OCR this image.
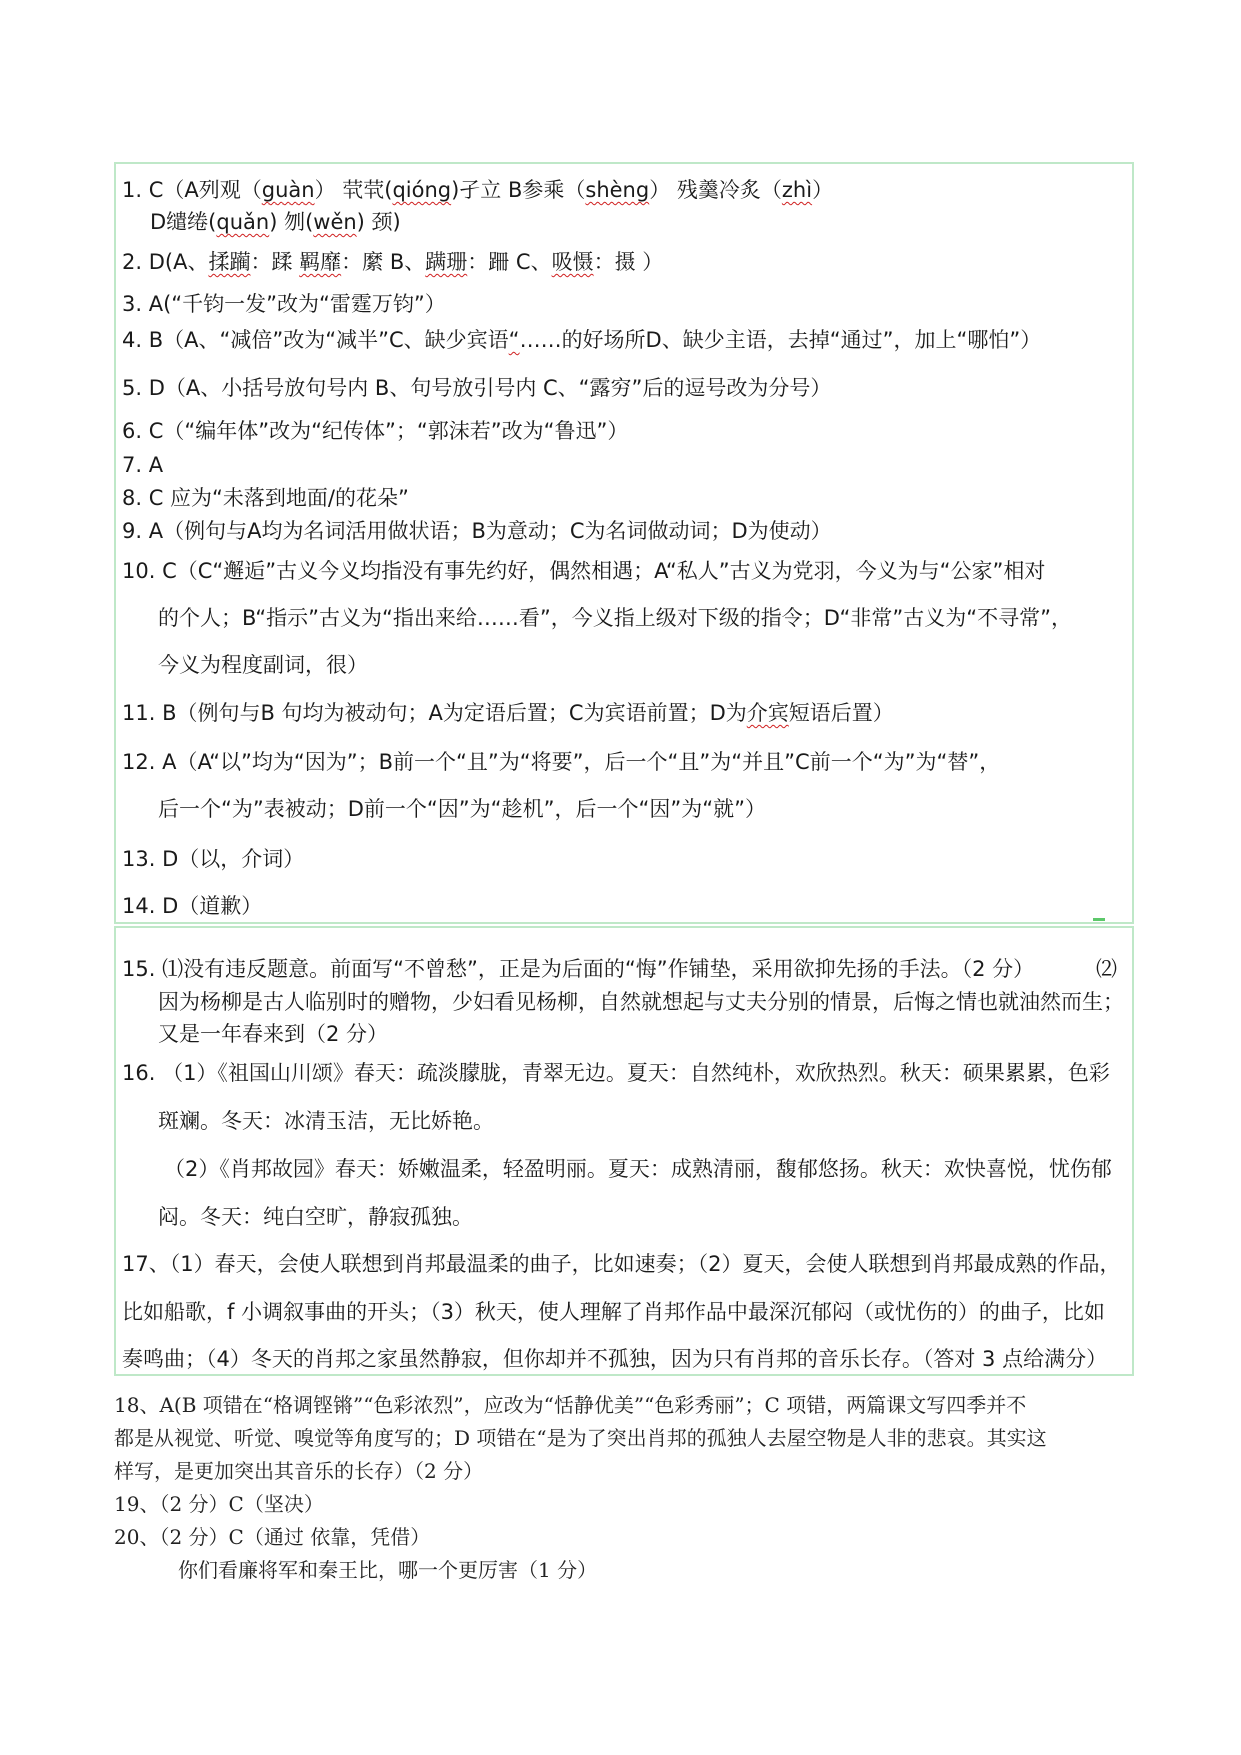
1. C（A列观（guàn） 茕茕(qióng)孑立 B参乘（shèng） 残羹冷炙（zhì）
D缱绻(quǎn) 刎(wěn) 颈)
2. D(A、揉躏：蹂 羁靡：縻 B、蹒珊：跚 C、吸慑：摄 ）
3. A(“千钧一发”改为“雷霆万钧”）
4. B（A、“减倍”改为“减半”C、缺少宾语“……的好场所D、缺少主语，去掉“通过”，加上“哪怕”）
5. D（A、小括号放句号内 B、句号放引号内 C、“露穷”后的逗号改为分号）
6. C（“编年体”改为“纪传体”；“郭沫若”改为“鲁迅”）
7. A
8. C 应为“未落到地面/的花朵”
9. A（例句与A均为名词活用做状语；B为意动；C为名词做动词；D为使动）
10. C（C“邂逅”古义今义均指没有事先约好，偶然相遇；A“私人”古义为党羽，今义为与“公家”相对
的个人；B“指示”古义为“指出来给……看”，今义指上级对下级的指令；D“非常”古义为“不寻常”，
今义为程度副词，很）
11. B（例句与B 句均为被动句；A为定语后置；C为宾语前置；D为介宾短语后置）
12. A（A“以”均为“因为”；B前一个“且”为“将要”，后一个“且”为“并且”C前一个“为”为“替”，
后一个“为”表被动；D前一个“因”为“趁机”，后一个“因”为“就”）
13. D（以，介词）
14. D（道歉）
15. ⑴没有违反题意。前面写“不曾愁”，正是为后面的“悔”作铺垫，采用欲抑先扬的手法。（2 分）	⑵
因为杨柳是古人临别时的赠物，少妇看见杨柳，自然就想起与丈夫分别的情景，后悔之情也就油然而生；
又是一年春来到（2 分）
16. （1）《祖国山川颂》春天：疏淡朦胧，青翠无边。夏天：自然纯朴，欢欣热烈。秋天：硕果累累，色彩
斑斓。冬天：冰清玉洁，无比娇艳。
（2）《肖邦故园》春天：娇嫩温柔，轻盈明丽。夏天：成熟清丽，馥郁悠扬。秋天：欢快喜悦，忧伤郁
闷。冬天：纯白空旷，静寂孤独。
17、（1）春天，会使人联想到肖邦最温柔的曲子，比如速奏；（2）夏天，会使人联想到肖邦最成熟的作品，
比如船歌，f 小调叙事曲的开头；（3）秋天，使人理解了肖邦作品中最深沉郁闷（或忧伤的）的曲子，比如
奏鸣曲；（4）冬天的肖邦之家虽然静寂，但你却并不孤独，因为只有肖邦的音乐长存。（答对 3 点给满分）
18、A(B 项错在“格调铿锵”“色彩浓烈”，应改为“恬静优美”“色彩秀丽”；C 项错，两篇课文写四季并不
都是从视觉、听觉、嗅觉等角度写的；D 项错在“是为了突出肖邦的孤独人去屋空物是人非的悲哀。其实这
样写，是更加突出其音乐的长存）（2 分）
19、（2 分）C（坚决）
20、（2 分）C（通过 依靠，凭借）
你们看廉将军和秦王比，哪一个更厉害（1 分）
